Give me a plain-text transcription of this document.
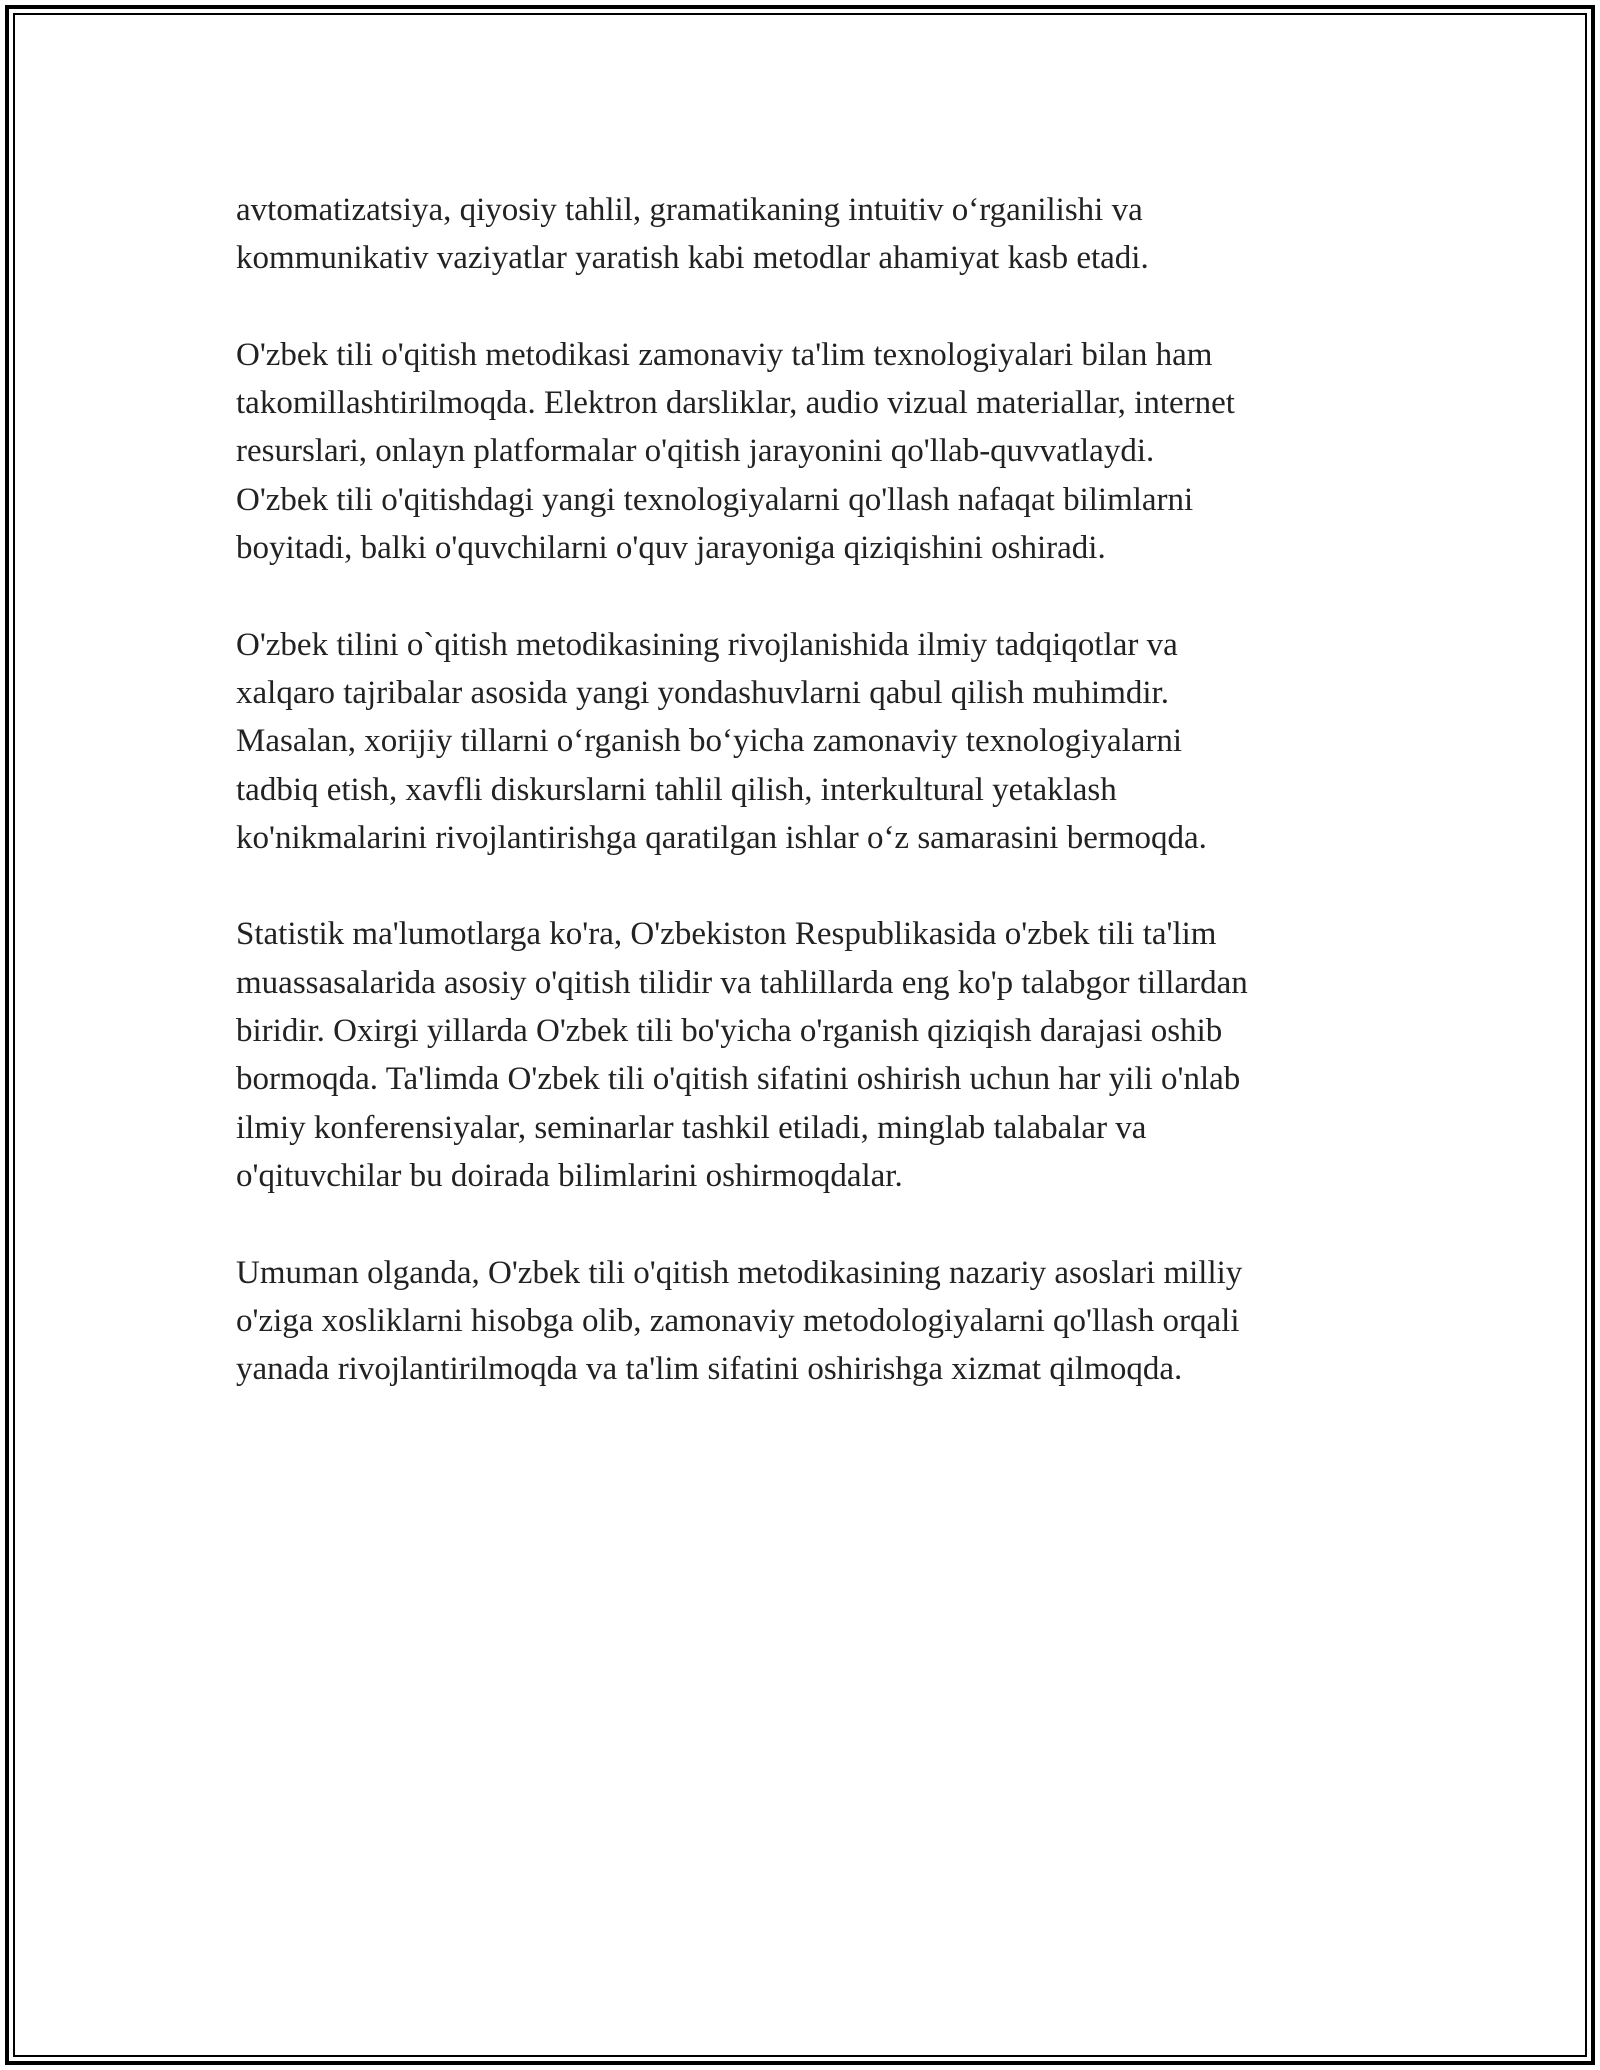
avtomatizatsiya, qiyosiy tahlil, gramatikaning intuitiv o‘rganilishi va
kommunikativ vaziyatlar yaratish kabi metodlar ahamiyat kasb etadi.

O'zbek tili o'qitish metodikasi zamonaviy ta'lim texnologiyalari bilan ham
takomillashtirilmoqda. Elektron darsliklar, audio vizual materiallar, internet
resurslari, onlayn platformalar o'qitish jarayonini qo'llab-quvvatlaydi.
O'zbek tili o'qitishdagi yangi texnologiyalarni qo'llash nafaqat bilimlarni
boyitadi, balki o'quvchilarni o'quv jarayoniga qiziqishini oshiradi.

O'zbek tilini o`qitish metodikasining rivojlanishida ilmiy tadqiqotlar va
xalqaro tajribalar asosida yangi yondashuvlarni qabul qilish muhimdir.
Masalan, xorijiy tillarni o‘rganish bo‘yicha zamonaviy texnologiyalarni
tadbiq etish, xavfli diskurslarni tahlil qilish, interkultural yetaklash
ko'nikmalarini rivojlantirishga qaratilgan ishlar o‘z samarasini bermoqda.

Statistik ma'lumotlarga ko'ra, O'zbekiston Respublikasida o'zbek tili ta'lim
muassasalarida asosiy o'qitish tilidir va tahlillarda eng ko'p talabgor tillardan
biridir. Oxirgi yillarda O'zbek tili bo'yicha o'rganish qiziqish darajasi oshib
bormoqda. Ta'limda O'zbek tili o'qitish sifatini oshirish uchun har yili o'nlab
ilmiy konferensiyalar, seminarlar tashkil etiladi, minglab talabalar va
o'qituvchilar bu doirada bilimlarini oshirmoqdalar.

Umuman olganda, O'zbek tili o'qitish metodikasining nazariy asoslari milliy
o'ziga xosliklarni hisobga olib, zamonaviy metodologiyalarni qo'llash orqali
yanada rivojlantirilmoqda va ta'lim sifatini oshirishga xizmat qilmoqda.
